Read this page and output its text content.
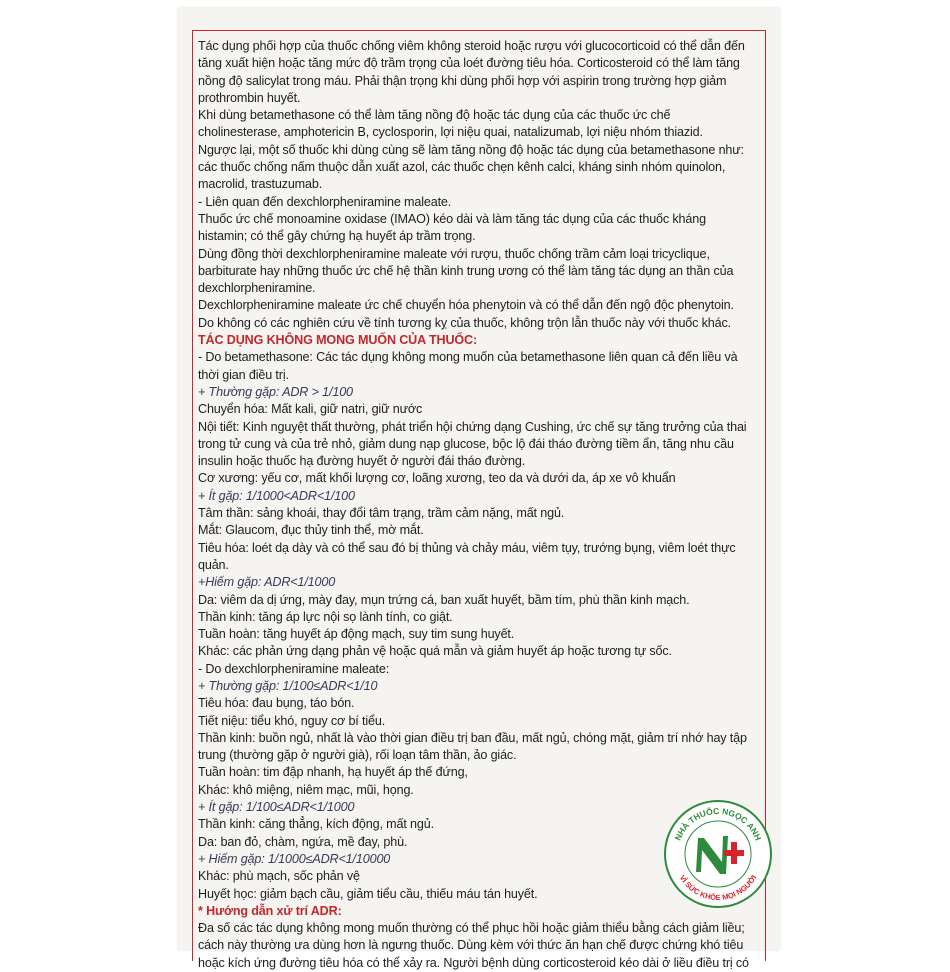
Tác dụng phối hợp của thuốc chống viêm không steroid hoặc rượu với glucocorticoid có thể dẫn đến

tăng xuất hiện hoặc tăng mức độ trầm trọng của loét đường tiêu hóa. Corticosteroid có thể làm tăng

nồng độ salicylat trong máu. Phải thận trọng khi dùng phối hợp với aspirin trong trường hợp giảm

prothrombin huyết.

Khi dùng betamethasone có thể làm tăng nồng độ hoặc tác dụng của các thuốc ức chế

cholinesterase, amphotericin B, cyclosporin, lợi niệu quai, natalizumab, lợi niệu nhóm thiazid.

Ngược lại, một số thuốc khi dùng cùng sẽ làm tăng nồng độ hoặc tác dụng của betamethasone như:

các thuốc chống nấm thuộc dẫn xuất azol, các thuốc chẹn kênh calci, kháng sinh nhóm quinolon,

macrolid, trastuzumab.

- Liên quan đến dexchlorpheniramine maleate.

Thuốc ức chế monoamine oxidase (IMAO) kéo dài và làm tăng tác dụng của các thuốc kháng

histamin; có thể gây chứng hạ huyết áp trầm trọng.

Dùng đồng thời dexchlorpheniramine maleate với rượu, thuốc chống trầm cảm loại tricyclique,

barbiturate hay những thuốc ức chế hệ thần kinh trung ương có thể làm tăng tác dụng an thần của

dexchlorpheniramine.

Dexchlorpheniramine maleate ức chế chuyển hóa phenytoin và có thể dẫn đến ngộ độc phenytoin.

Do không có các nghiên cứu về tính tương kỵ của thuốc, không trộn lẫn thuốc này với thuốc khác.

TÁC DỤNG KHÔNG MONG MUỐN CỦA THUỐC:

- Do betamethasone: Các tác dụng không mong muốn của betamethasone liên quan cả đến liều và

thời gian điều trị.

+ Thường gặp: ADR > 1/100

Chuyển hóa: Mất kali, giữ natri, giữ nước

Nội tiết: Kinh nguyệt thất thường, phát triển hội chứng dạng Cushing, ức chế sự tăng trưởng của thai

trong tử cung và của trẻ nhỏ, giảm dung nạp glucose, bộc lộ đái tháo đường tiềm ẩn, tăng nhu cầu

insulin hoặc thuốc hạ đường huyết ở người đái tháo đường.

Cơ xương: yếu cơ, mất khối lượng cơ, loãng xương, teo da và dưới da, áp xe vô khuẩn

+ Ít gặp: 1/1000<ADR<1/100

Tâm thần: sảng khoái, thay đổi tâm trạng, trầm cảm nặng, mất ngủ.

Mắt: Glaucom, đục thủy tinh thể, mờ mắt.

Tiêu hóa: loét dạ dày và có thể sau đó bị thủng và chảy máu, viêm tụy, trướng bụng, viêm loét thực

quản.

+Hiếm gặp: ADR<1/1000

Da: viêm da dị ứng, mày đay, mụn trứng cá, ban xuất huyết, bầm tím, phù thần kinh mạch.

Thần kinh: tăng áp lực nội sọ lành tính, co giật.

Tuần hoàn: tăng huyết áp động mạch, suy tim sung huyết.

Khác: các phản ứng dạng phản vệ hoặc quá mẫn và giảm huyết áp hoặc tương tự sốc.

- Do dexchlorpheniramine maleate:

+ Thường gặp: 1/100≤ADR<1/10

Tiêu hóa: đau bụng, táo bón.

Tiết niệu: tiểu khó, nguy cơ bí tiểu.

Thần kinh: buồn ngủ, nhất là vào thời gian điều trị ban đầu, mất ngủ, chóng mặt, giảm trí nhớ hay tập

trung (thường gặp ở người già), rối loạn tâm thần, ảo giác.

Tuần hoàn: tim đập nhanh, hạ huyết áp thế đứng,

Khác: khô miệng, niêm mạc, mũi, họng.

+ Ít gặp: 1/100≤ADR<1/1000

Thần kinh: căng thẳng, kích động, mất ngủ.

Da: ban đỏ, chàm, ngứa, mề đay, phù.

+ Hiếm gặp: 1/1000≤ADR<1/10000

Khác: phù mạch, sốc phản vệ

Huyết học: giảm bạch cầu, giảm tiểu cầu, thiếu máu tán huyết.

* Hướng dẫn xử trí ADR:

Đa số các tác dụng không mong muốn thường có thể phục hồi hoặc giảm thiểu bằng cách giảm liều;

cách này thường ưa dùng hơn là ngưng thuốc. Dùng kèm với thức ăn hạn chế được chứng khó tiêu

hoặc kích ứng đường tiêu hóa có thể xảy ra. Người bệnh dùng corticosteroid kéo dài ở liều điều trị có

NHÀ THUỐC NGỌC ANH
VÌ SỨC KHỎE MỌI NGƯỜI
